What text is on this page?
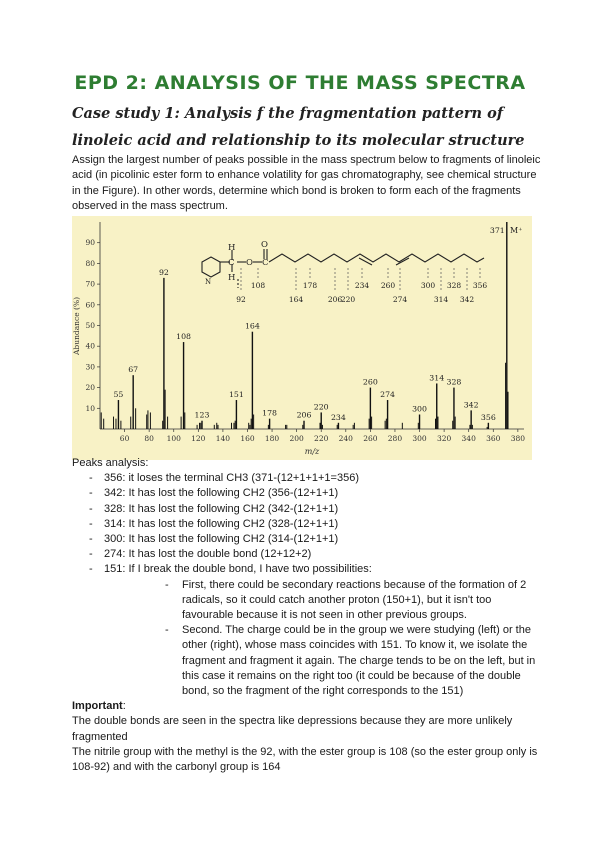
EPD 2: ANALYSIS OF THE MASS SPECTRA
Case study 1: Analysis f the fragmentation pattern of linoleic acid and relationship to its molecular structure
Assign the largest number of peaks possible in the mass spectrum below to fragments of linoleic acid (in picolinic ester form to enhance volatility for gas chromatography, see chemical structure in the Figure). In other words, determine which bond is broken to form each of the fragments observed in the mass spectrum.
10
20
30
40
50
60
70
80
90
60 80 100 120 140 160 180 200 220 240 260 280 300 320 340 360 380
55
67
92
108
123
151
164
178	206
220
234
260
274
300
314 328
342
356
371
Abundance (%)
m/z
M⁺
H
C
H
O
O
C
N
92
108
164
178
206
220
234 260
274
300
314
328
342
356

Peaks analysis:

- 356: it loses the terminal CH3 (371-(12+1+1+1=356)
- 342: It has lost the following CH2 (356-(12+1+1)
- 328: It has lost the following CH2 (342-(12+1+1)
- 314: It has lost the following CH2 (328-(12+1+1)
- 300: It has lost the following CH2 (314-(12+1+1)
- 274: It has lost the double bond (12+12+2)
- 151: If I break the double bond, I have two possibilities:
- First, there could be secondary reactions because of the formation of 2 radicals, so it could catch another proton (150+1), but it isn't too favourable because it is not seen in other previous groups.
- Second. The charge could be in the group we were studying (left) or the other (right), whose mass coincides with 151. To know it, we isolate the fragment and fragment it again. The charge tends to be on the left, but in this case it remains on the right too (it could be because of the double bond, so the fragment of the right corresponds to the 151)

Important:

The double bonds are seen in the spectra like depressions because they are more unlikely fragmented

The nitrile group with the methyl is the 92, with the ester group is 108 (so the ester group only is 108-92) and with the carbonyl group is 164
